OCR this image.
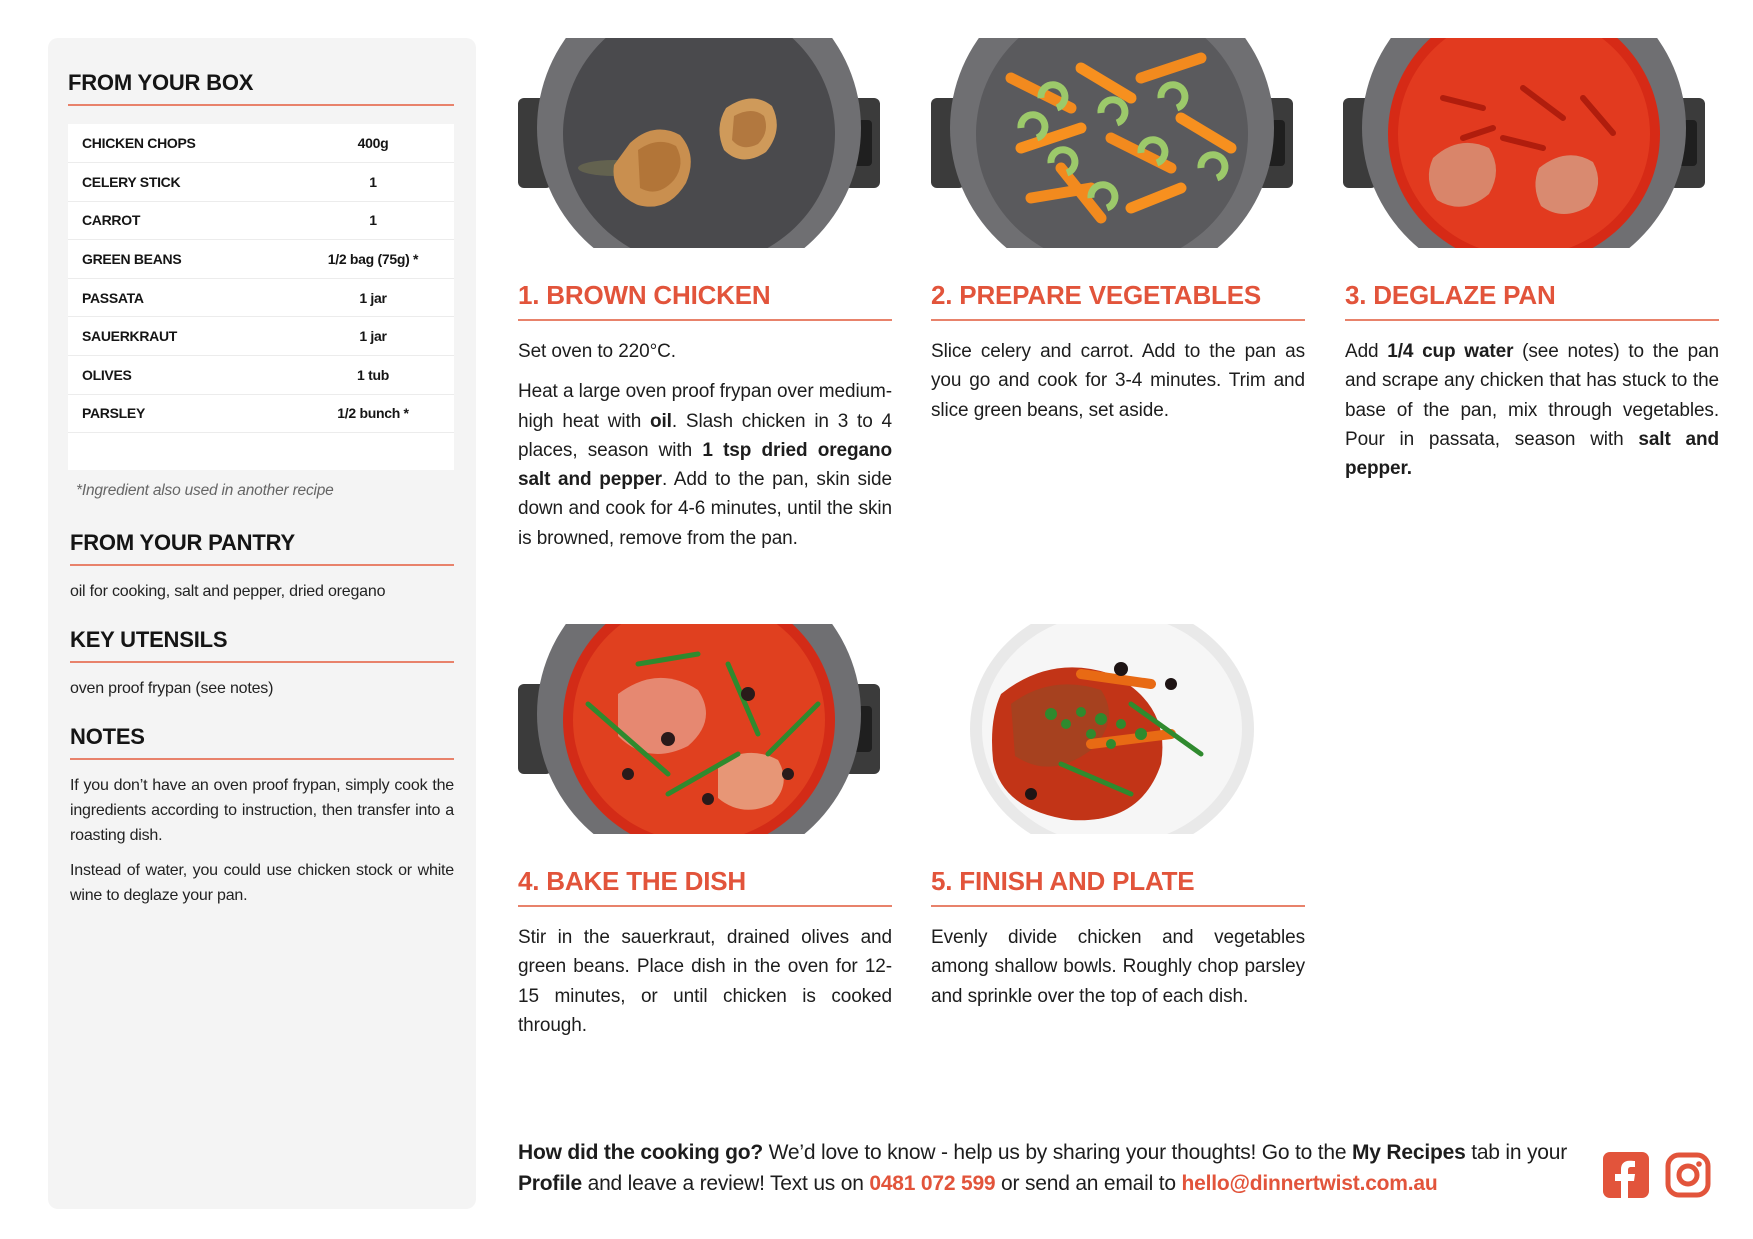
FROM YOUR BOX
CHICKEN CHOPS	400g
CELERY STICK	1
CARROT	1
GREEN BEANS	1/2 bag (75g) *
PASSATA	1 jar
SAUERKRAUT	1 jar
OLIVES	1 tub
PARSLEY	1/2 bunch *

*Ingredient also used in another recipe
FROM YOUR PANTRY
oil for cooking, salt and pepper, dried oregano
KEY UTENSILS
oven proof frypan (see notes)
NOTES
If you don’t have an oven proof frypan, simply cook the ingredients according to instruction, then transfer into a roasting dish.
Instead of water, you could use chicken stock or white wine to deglaze your pan.
1. BROWN CHICKEN

Set oven to 220°C.

Heat a large oven proof frypan over medium-high heat with oil. Slash chicken in 3 to 4 places, season with 1 tsp dried oregano salt and pepper. Add to the pan, skin side down and cook for 4-6 minutes, until the skin is browned, remove from the pan.

2. PREPARE VEGETABLES

Slice celery and carrot. Add to the pan as you go and cook for 3-4 minutes. Trim and slice green beans, set aside.

3. DEGLAZE PAN

Add 1/4 cup water (see notes) to the pan and scrape any chicken that has stuck to the base of the pan, mix through vegetables. Pour in passata, season with salt and pepper.

4. BAKE THE DISH

Stir in the sauerkraut, drained olives and green beans. Place dish in the oven for 12-15 minutes, or until chicken is cooked through.

5. FINISH AND PLATE

Evenly divide chicken and vegetables among shallow bowls. Roughly chop parsley and sprinkle over the top of each dish.

How did the cooking go? We’d love to know - help us by sharing your thoughts! Go to the My Recipes tab in your Profile and leave a review! Text us on 0481 072 599 or send an email to hello@dinnertwist.com.au
